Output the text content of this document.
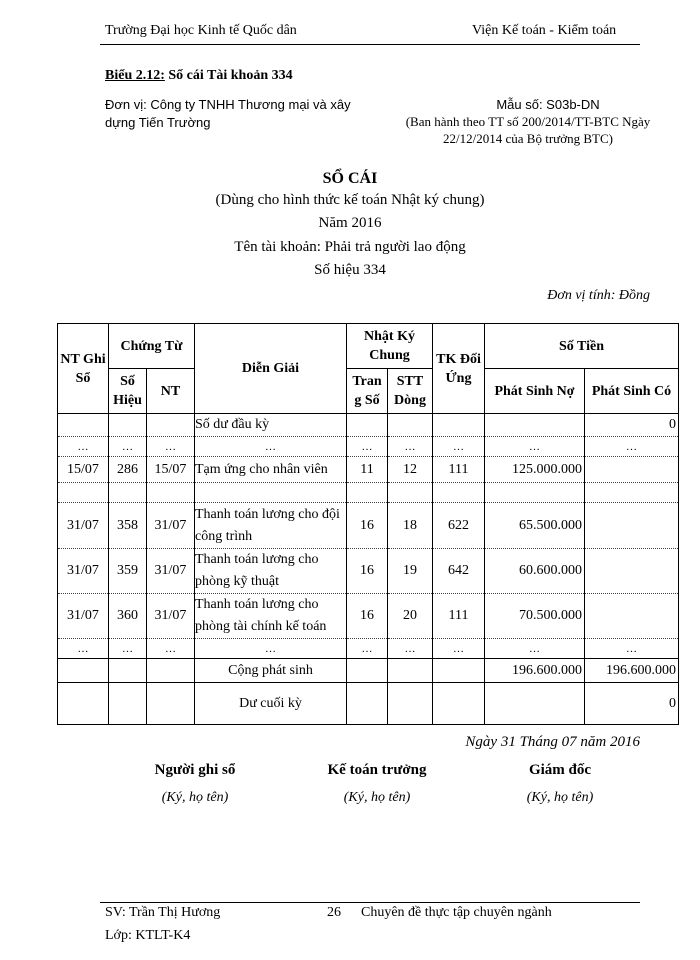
Trường Đại học Kinh tế Quốc dân	Viện Kế toán - Kiểm toán
Biểu 2.12: Sổ cái Tài khoản 334
Đơn vị: Công ty TNHH Thương mại và xây
dựng Tiến Trường
Mẫu số: S03b-DN
(Ban hành theo TT số 200/2014/TT-BTC Ngày
22/12/2014 của Bộ trưởng BTC)
SỔ CÁI
(Dùng cho hình thức kế toán Nhật ký chung)
Năm 2016
Tên tài khoản: Phải trả người lao động
Số hiệu 334
Đơn vị tính: Đồng
NT Ghi Sổ	Chứng Từ		Diễn Giải	Nhật Ký Chung		TK Đối Ứng	Số Tiền	
	Số Hiệu	NT		Tran g Số	STT Dòng		Phát Sinh Nợ	Phát Sinh Có
			Số dư đầu kỳ					0
…	…	…	…	…	…	…	…	…
15/07	286	15/07	Tạm ứng cho nhân viên	11	12	111	125.000.000	

31/07	358	31/07	Thanh toán lương cho đội công trình	16	18	622	65.500.000	
31/07	359	31/07	Thanh toán lương cho phòng kỹ thuật	16	19	642	60.600.000	
31/07	360	31/07	Thanh toán lương cho phòng tài chính kế toán	16	20	111	70.500.000	
…	…	…	…	…	…	…	…	…
			Cộng phát sinh				196.600.000	196.600.000
			Dư cuối kỳ					0
Ngày 31 Tháng 07 năm 2016
Người ghi sổ	Kế toán trưởng	Giám đốc
(Ký, họ tên)	(Ký, họ tên)	(Ký, họ tên)
SV: Trần Thị Hương	26 Chuyên đề thực tập chuyên ngành
Lớp: KTLT-K4
